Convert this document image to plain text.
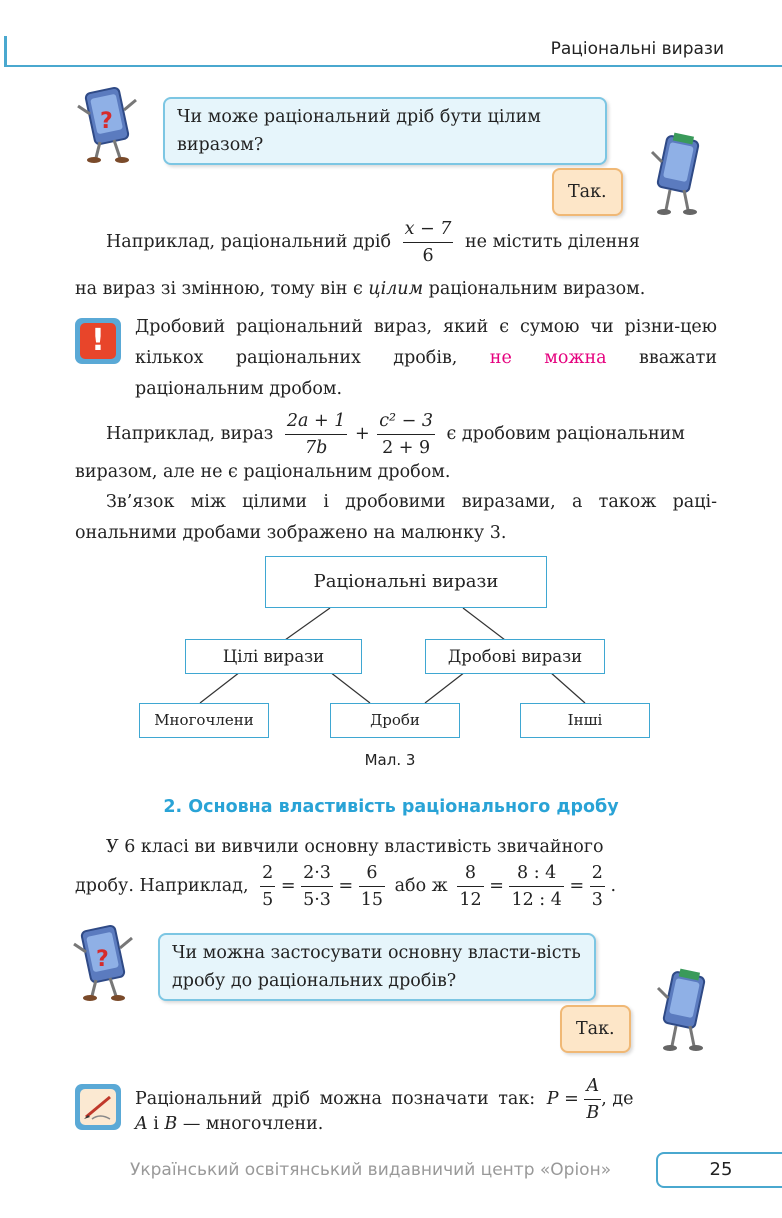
Раціональні вирази
?	Чи може раціональний дріб бути цілим виразом?
Так.
Наприклад, раціональний дріб $\frac{x - 7}{6}$ не містить ділення
на вираз зі змінною, тому він є цілим раціональним виразом.
!	Дробовий раціональний вираз, який є сумою чи різни-цею кількох раціональних дробів, не можна вважати раціональним дробом.
Наприклад, вираз $\frac{2a + 1}{7b} + \frac{\text{c² − 3}}{2 + 9}$ є дробовим раціональним
виразом, але не є раціональним дробом.
Зв’язок між цілими і дробовими виразами, а також раці-ональними дробами зображено на малюнку 3.
Раціональні вирази
Цілі вирази	Дробові вирази
Многочлени	Дроби	Інші
Мал. 3
2. Основна властивість раціонального дробу
У 6 класі ви вивчили основну властивість звичайного
дробу. Наприклад, $\frac{2}{5} = \frac{2\cdot 3}{5\cdot 3} = \frac{6}{15}$ або ж $\frac{8}{12} = \frac{8 : 4}{12 : 4} = \frac{2}{3}$ .
?	Чи можна застосувати основну власти-вість дробу до раціональних дробів?
Так.
Раціональний дріб можна позначати так: $P = \frac{A}{B}$ , де
A і B — многочлени.
Український освітянський видавничий центр «Оріон»	25
